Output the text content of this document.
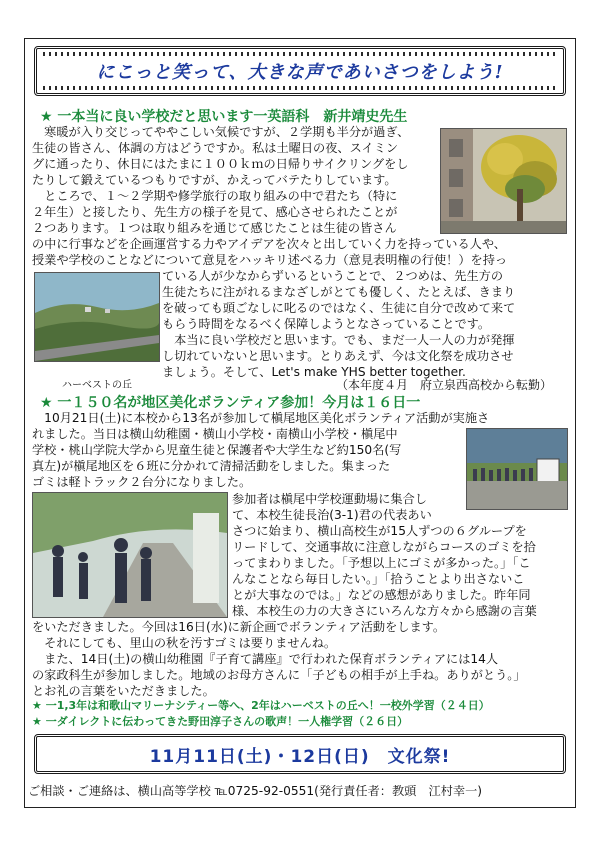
にこっと笑って、大きな声であいさつをしよう!
★ 一本当に良い学校だと思います一英語科　新井靖史先生

　寒暖が入り交じってややこしい気候ですが、２学期も半分が過ぎ、

生徒の皆さん、体調の方はどうですか。私は土曜日の夜、スイミン

グに通ったり、休日にはたまに１００ｋｍの日帰りサイクリングをし

たりして鍛えているつもりですが、かえってバテたりしています。

　ところで、１～２学期や修学旅行の取り組みの中で君たち（特に

２年生）と接したり、先生方の様子を見て、感心させられたことが

２つあります。１つは取り組みを通じて感じたことは生徒の皆さん

の中に行事などを企画運営する力やアイデアを次々と出していく力を持っている人や、

授業や学校のことなどについて意見をハッキリ述べる力（意見表明権の行使！）を持っ

ている人が少なからずいるということで、２つめは、先生方の

生徒たちに注がれるまなざしがとても優しく、たとえば、きまり

を破っても頭ごなしに叱るのではなく、生徒に自分で改めて来て

もらう時間をなるべく保障しようとなさっていることです。

　本当に良い学校だと思います。でも、まだ一人一人の力が発揮

し切れていないと思います。とりあえず、今は文化祭を成功させ

ましょう。そして、Let's make YHS better together.

ハーベストの丘	（本年度４月　府立泉西高校から転勤）
★ 一１５０名が地区美化ボランティア参加！今月は１６日一

　10月21日(土)に本校から13名が参加して槇尾地区美化ボランティア活動が実施さ

れました。当日は横山幼稚園・横山小学校・南横山小学校・槇尾中

学校・桃山学院大学から児童生徒と保護者や大学生など約150名(写

真左)が槇尾地区を６班に分かれて清掃活動をしました。集まった

ゴミは軽トラック２台分になりました。

参加者は槇尾中学校運動場に集合し

て、本校生徒長治(3-1)君の代表あい

さつに始まり、横山高校生が15人ずつの６グループを

リードして、交通事故に注意しながらコースのゴミを拾

ってまわりました。「予想以上にゴミが多かった。」「こ

んなことなら毎日したい。」「拾うことより出さないこ

とが大事なのでは。」などの感想がありました。昨年同

様、本校生の力の大きさにいろんな方々から感謝の言葉

をいただきました。今回は16日(水)に新企画でボランティア活動をします。

　それにしても、里山の秋を汚すゴミは要りませんね。

　また、14日(土)の横山幼稚園『子育て講座』で行われた保育ボランティアには14人

の家政科生が参加しました。地域のお母方さんに「子どもの相手が上手ね。ありがとう。」

とお礼の言葉をいただきました。

★ 一1,3年は和歌山マリーナシティー等へ、2年はハーベストの丘へ！一校外学習（２４日）
★ 一ダイレクトに伝わってきた野田淳子さんの歌声！一人権学習（２６日）
11月11日(土)・12日(日)　文化祭!
ご相談・ご連絡は、横山高等学校 ℡0725-92-0551(発行責任者：教頭　江村幸一)
